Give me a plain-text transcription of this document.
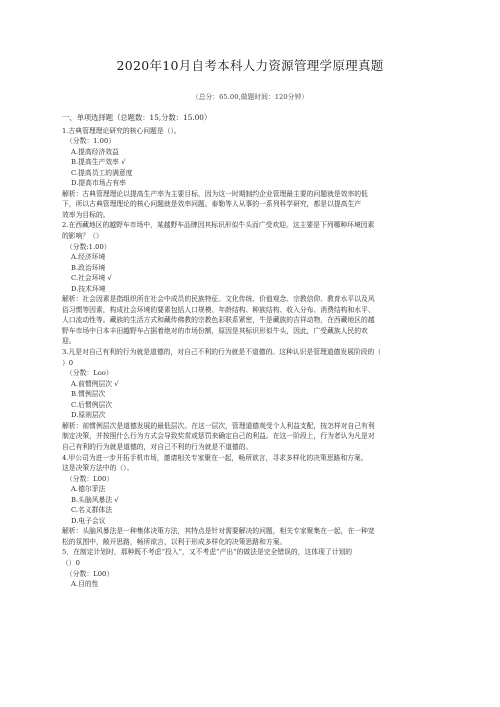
2020年10月自考本科人力资源管理学原理真题
（总分：65.00,做题时间：120分钟）
一、单项选择题（总题数：15,分数：15.00）

1.古典管理理论研究的核心问题是（）。

（分数：1.00）

A.提高经济效益

B.提高生产效率 √

C.提高员工的满意度

D.提高市场占有率

解析：古典管理理论以提高生产率为主要目标，因为这一时期制约企业管理最主要的问题就是效率的低

下，所以古典管理理论的核心问题就是效率问题。泰勒等人从事的一系列科学研究，都是以提高生产

效率为目标的。

2.在西藏地区的越野车市场中，某越野车品牌因其标识形似牛头而广受欢迎。这主要是下列哪种环境因素

的影响？（）

（分数:1.00）

A.经济环境

B.政治环境

C.社会环境 √

D.技术环境

解析：社会因素是指组织所在社会中成员的民族特征、文化传统、价值观念、宗教信仰、教育水平以及风

俗习惯等因素，构成社会环境的要素包括人口规模、年龄结构、种族结构、收入分布、消费结构和水平、

人口流动性等。藏族的生活方式和藏传佛教的宗教色彩联系紧密，牛是藏族的吉祥动物，在西藏地区的越

野车市场中日本丰田越野车占据着绝对的市场份额，原因是其标识形似牛头，因此，广受藏族人民的欢

迎。

3.凡是对自己有利的行为就是道德的，对自己不利的行为就是不道德的。这种认识是管理道德发展阶段的（

）0

（分数：Loo）

A.前惯例层次 √

B.惯例层次

C.后惯例层次

D.原则层次

解析：前惯例层次是道德发展的最低层次。在这一层次，管理道德观受个人利益支配，按怎样对自己有利

制定决策，并按照什么行为方式会导致奖赏或惩罚来确定自己的利益。在这一阶段上，行为者认为凡是对

自己有利的行为就是道德的，对自己不利的行为就是不道德的。

4.甲公司为进一步开拓手机市场，邀请相关专家聚在一起，畅所欲言，寻求多样化的决策思路和方案。

这是决策方法中的（）。

（分数：L00）

A.德尔菲法

B.头脑风暴法 √

C.名义群体法

D.电子会议

解析：头脑风暴法是一种集体决策方法，其特点是针对需要解决的问题，相关专家聚集在一起，在一种宽

松的氛围中，敞开思路，畅所欲言，以利于形成多样化的决策思路和方案。

5．在制定计划时，那种既不考虑“投入”，又不考虑“产出”的做法是完全错误的，这体现了计划的

（）0

（分数：L00）

A.目的性
